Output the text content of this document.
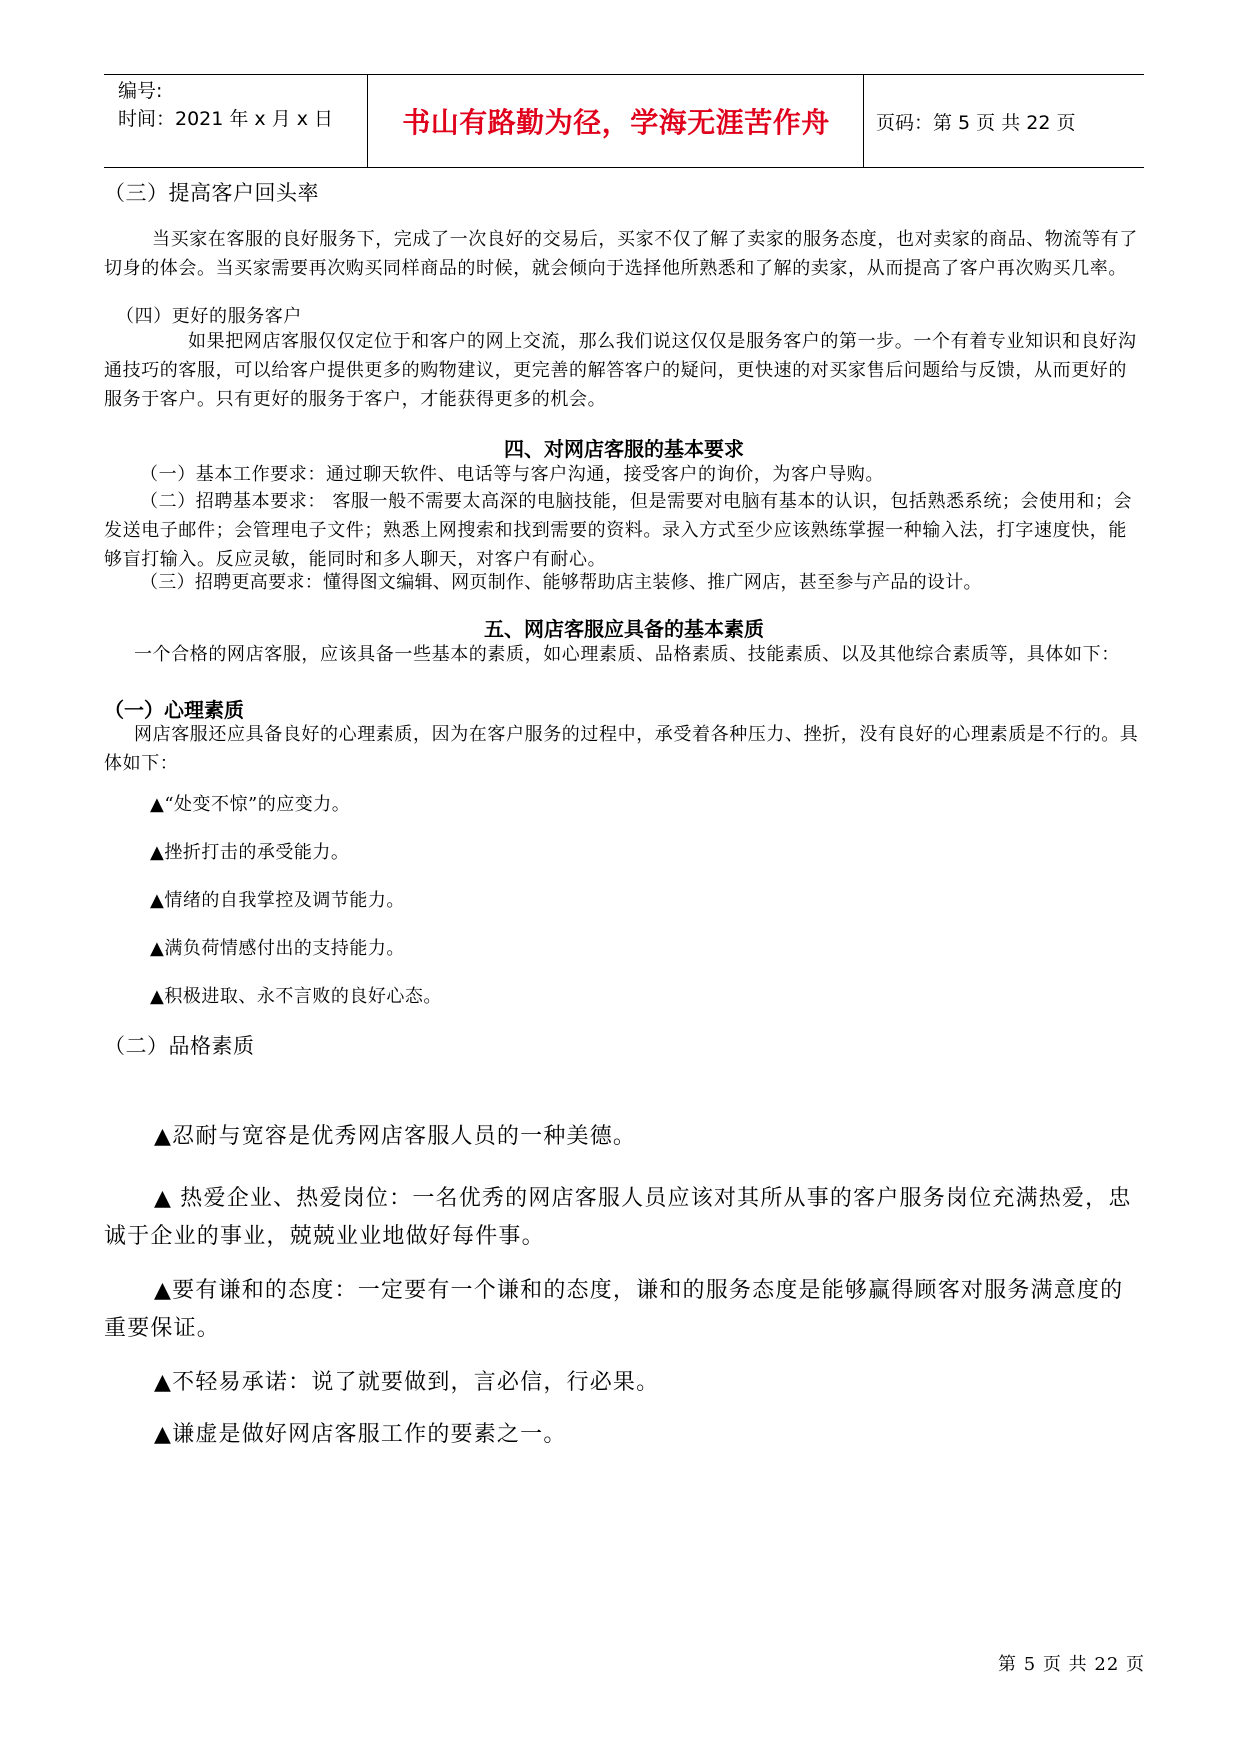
编号:
时间：2021 年 x 月 x 日	书山有路勤为径，学海无涯苦作舟	页码：第 5 页 共 22 页
（三）提高客户回头率

当买家在客服的良好服务下，完成了一次良好的交易后，买家不仅了解了卖家的服务态度，也对卖家的商品、物流等有了切身的体会。当买家需要再次购买同样商品的时候，就会倾向于选择他所熟悉和了解的卖家，从而提高了客户再次购买几率。

（四）更好的服务客户

如果把网店客服仅仅定位于和客户的网上交流，那么我们说这仅仅是服务客户的第一步。一个有着专业知识和良好沟通技巧的客服，可以给客户提供更多的购物建议，更完善的解答客户的疑问，更快速的对买家售后问题给与反馈，从而更好的服务于客户。只有更好的服务于客户，才能获得更多的机会。

四、对网店客服的基本要求

（一）基本工作要求：通过聊天软件、电话等与客户沟通，接受客户的询价，为客户导购。

（二）招聘基本要求： 客服一般不需要太高深的电脑技能，但是需要对电脑有基本的认识，包括熟悉系统；会使用和；会发送电子邮件；会管理电子文件；熟悉上网搜索和找到需要的资料。录入方式至少应该熟练掌握一种输入法，打字速度快，能够盲打输入。反应灵敏，能同时和多人聊天，对客户有耐心。

（三）招聘更高要求：懂得图文编辑、网页制作、能够帮助店主装修、推广网店，甚至参与产品的设计。

五、网店客服应具备的基本素质

一个合格的网店客服，应该具备一些基本的素质，如心理素质、品格素质、技能素质、以及其他综合素质等，具体如下：

（一）心理素质

网店客服还应具备良好的心理素质，因为在客户服务的过程中，承受着各种压力、挫折，没有良好的心理素质是不行的。具体如下：

▲“处变不惊”的应变力。
▲挫折打击的承受能力。
▲情绪的自我掌控及调节能力。
▲满负荷情感付出的支持能力。
▲积极进取、永不言败的良好心态。
（二）品格素质
▲忍耐与宽容是优秀网店客服人员的一种美德。
▲ 热爱企业、热爱岗位：一名优秀的网店客服人员应该对其所从事的客户服务岗位充满热爱，忠诚于企业的事业，兢兢业业地做好每件事。
▲要有谦和的态度：一定要有一个谦和的态度，谦和的服务态度是能够赢得顾客对服务满意度的重要保证。
▲不轻易承诺：说了就要做到，言必信，行必果。
▲谦虚是做好网店客服工作的要素之一。
第 5 页 共 22 页
